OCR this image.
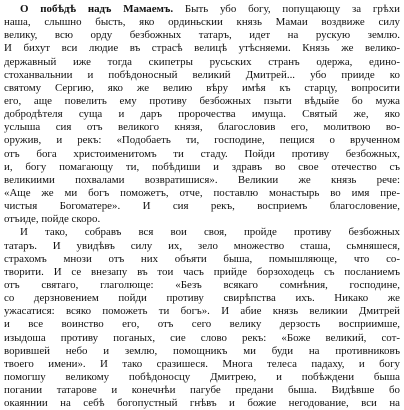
О побѣдѣ надъ Мамаемъ. Быть убо богу, попущающу за грѣхи
наша, слышно бысть, яко ординьскии князь Мамаи воздвиже силу
велику, всю орду безбожных татаръ, идет на рускую землю.
И бихут вси людие въ страсѣ велицѣ утѣсняеми. Князь же велико-
державный иже тогда скипетры русьских странъ одержа, едино-
стоханвальнии и побѣдоносный великий Дмитрей... убо прииде ко
святому Сергию, яко же велию вѣру имѣя къ старцу, вопросити
его, аще повелить ему противу безбожных пзыти вѣдыйе бо мужа
добродѣтеля суща и даръ пророчества имуща. Святый же, яко
услыша сия отъ великого князя, благословив его, молитвою во-
оружив, и рекъ: «Подобаеть ти, господине, пещися о врученном
отъ бога христоименитомъ ти стаду. Пойди противу безбожных,
и, богу помагающу ти, побѣдиши и здравъ во свое отечество съ
великиими похвалами возвратишися». Великии же князь рече:
«Аще же ми богъ поможетъ, отче, поставлю монастырь во имя пре-
чистыя Богоматере». И сия рекъ, восприемъ благословение,
отъиде, пойде скоро.
И тако, собравъ вся вои своя, пройде противу безбожных
татаръ. И увидѣвъ силу их, зело множество сташа, сьмняшеся,
страхомъ мнози отъ них объяти быша, помышляюще, что со-
творити. И се внезапу въ тои часъ прийде борзоходець съ посланиемъ
отъ святаго, глаголюще: «Безъ всякаго сомнѣния, господине,
со дерзновением пойди противу свирѣпства ихъ. Никако же
ужасатися: всяко поможеть ти богъ». И абие князь великии Дмитрей
и все воинство его, отъ сего велику дерзость восприимше,
изыдоша противу поганых, сие слово рекъ: «Боже великий, сот-
ворившей небо и землю, помощникъ ми буди на противниковъ
твоего имени». И тако сразишеся. Многа телеса падаху, и богу
помогшу великому побѣдоносцу Дмитрею, и побѣждени быша
погании татарове и конечнѣи пагубе предани быша. Видѣвше бо
окаяннии на себѣ богопустный гнѣвъ и божие негодование, вси на
